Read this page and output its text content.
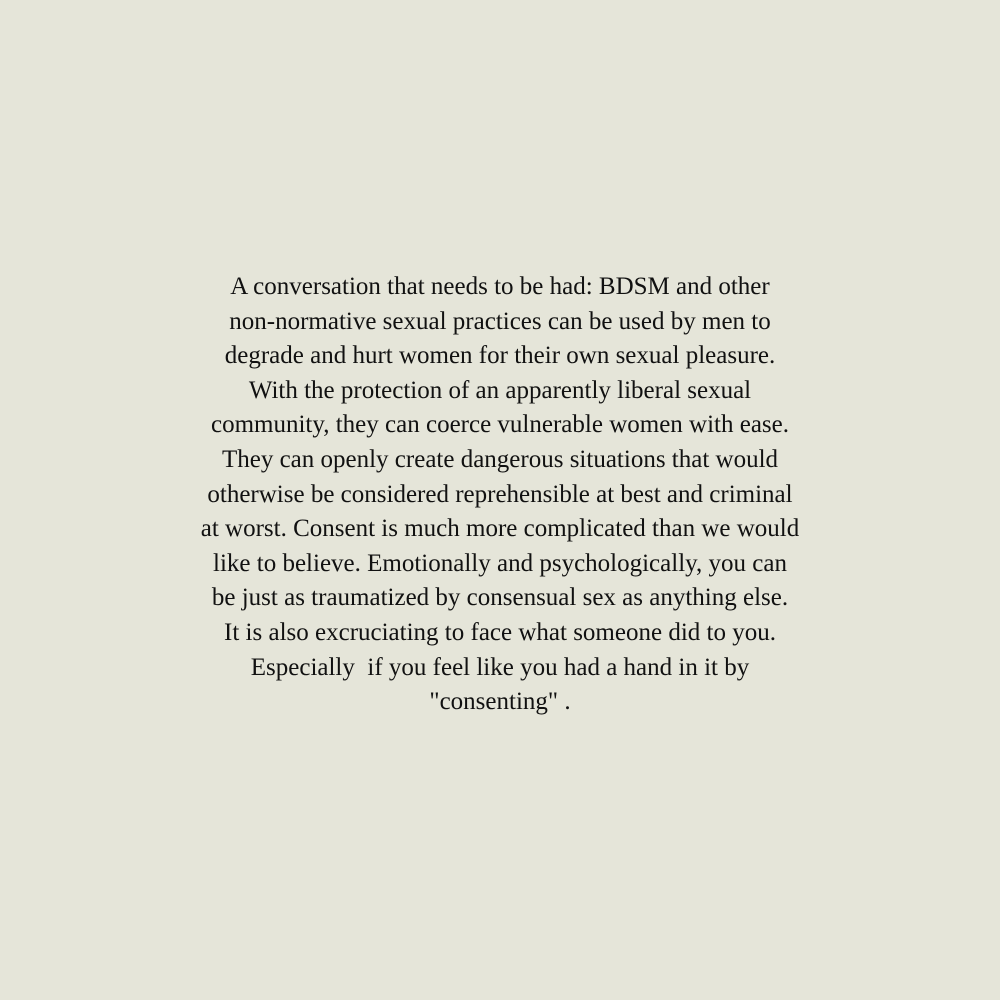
A conversation that needs to be had: BDSM and other
non-normative sexual practices can be used by men to
degrade and hurt women for their own sexual pleasure.
With the protection of an apparently liberal sexual
community, they can coerce vulnerable women with ease.
They can openly create dangerous situations that would
otherwise be considered reprehensible at best and criminal
at worst. Consent is much more complicated than we would
like to believe. Emotionally and psychologically, you can
be just as traumatized by consensual sex as anything else.
It is also excruciating to face what someone did to you.
Especially  if you feel like you had a hand in it by
"consenting" .
